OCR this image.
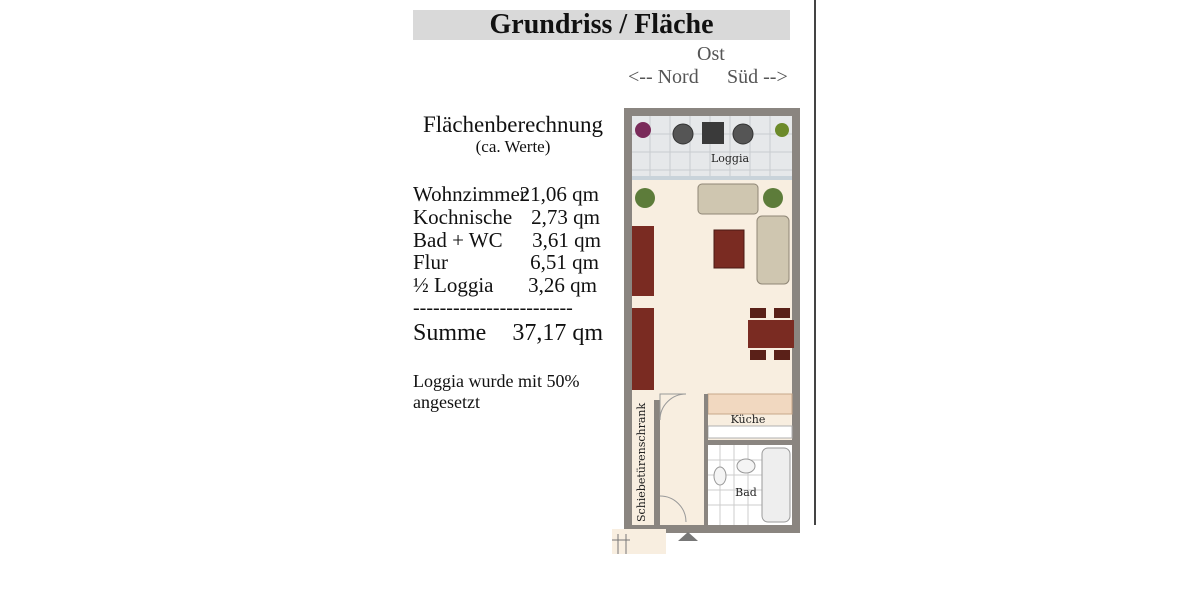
Grundriss / Fläche
Ost
<-- Nord Süd -->
Flächenberechnung
(ca. Werte)
Wohnzimmer
21,06 qm
Kochnische 2,73 qm
Bad + WC 3,61 qm
Flur	6,51 qm
½ Loggia 3,26 qm
------------------------
Summe 37,17 qm
Loggia wurde mit 50% angesetzt
Loggia
Küche
Schiebetürenschrank	Bad
